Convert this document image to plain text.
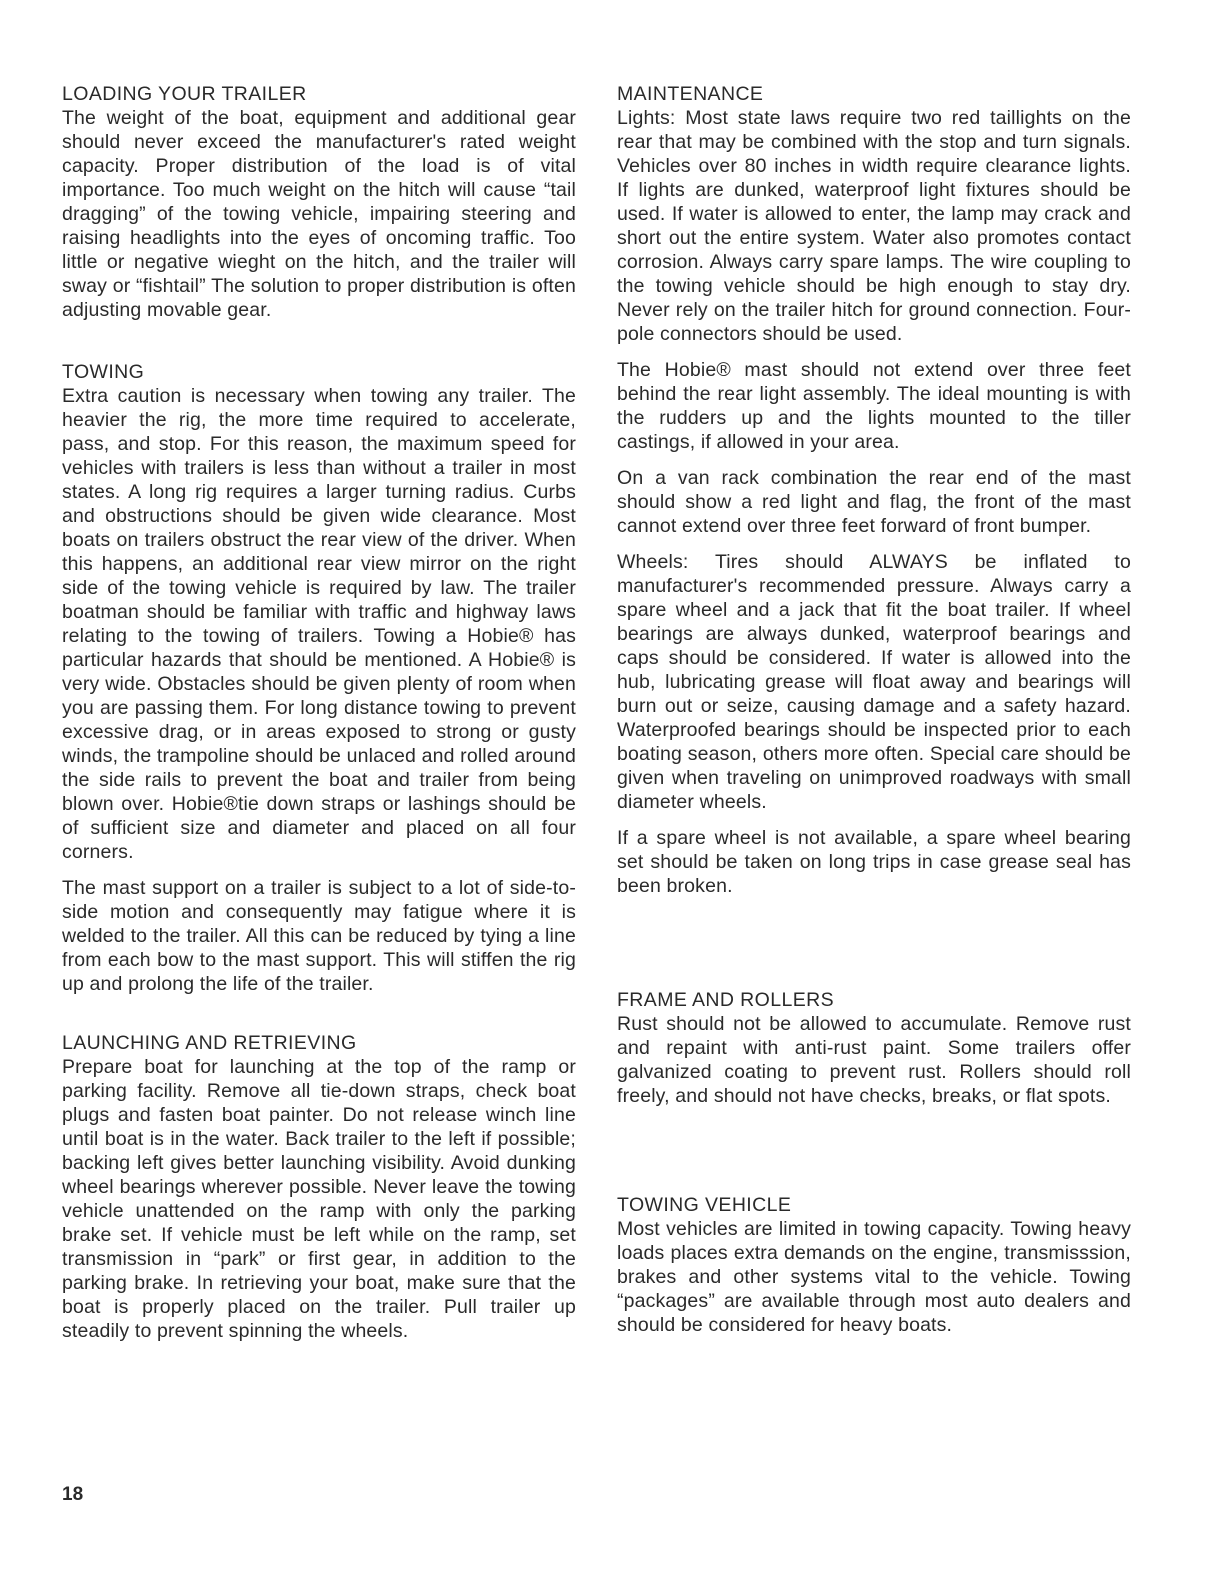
LOADING YOUR TRAILER

The weight of the boat, equipment and additional gear should never exceed the manufacturer's rated weight capacity. Proper distribution of the load is of vital importance. Too much weight on the hitch will cause “tail dragging” of the towing vehicle, impairing steering and raising headlights into the eyes of oncoming traffic. Too little or negative wieght on the hitch, and the trailer will sway or “fishtail” The solution to proper distribution is often adjusting movable gear.

TOWING

Extra caution is necessary when towing any trailer. The heavier the rig, the more time required to accelerate, pass, and stop. For this reason, the maximum speed for vehicles with trailers is less than without a trailer in most states. A long rig requires a larger turning radius. Curbs and obstructions should be given wide clearance. Most boats on trailers obstruct the rear view of the driver. When this happens, an additional rear view mirror on the right side of the towing vehicle is required by law. The trailer boatman should be familiar with traffic and highway laws relating to the towing of trailers. Towing a Hobie® has particular hazards that should be mentioned. A Hobie® is very wide. Obstacles should be given plenty of room when you are passing them. For long distance towing to prevent excessive drag, or in areas exposed to strong or gusty winds, the trampoline should be unlaced and rolled around the side rails to prevent the boat and trailer from being blown over. Hobie®tie down straps or lashings should be of sufficient size and diameter and placed on all four corners.

The mast support on a trailer is subject to a lot of side-to-side motion and consequently may fatigue where it is welded to the trailer. All this can be reduced by tying a line from each bow to the mast support. This will stiffen the rig up and prolong the life of the trailer.

LAUNCHING AND RETRIEVING

Prepare boat for launching at the top of the ramp or parking facility. Remove all tie-down straps, check boat plugs and fasten boat painter. Do not release winch line until boat is in the water. Back trailer to the left if possible; backing left gives better launching visibility. Avoid dunking wheel bearings wherever possible. Never leave the towing vehicle unattended on the ramp with only the parking brake set. If vehicle must be left while on the ramp, set transmission in “park” or first gear, in addition to the parking brake. In retrieving your boat, make sure that the boat is properly placed on the trailer. Pull trailer up steadily to prevent spinning the wheels.

MAINTENANCE

Lights: Most state laws require two red taillights on the rear that may be combined with the stop and turn signals. Vehicles over 80 inches in width require clearance lights. If lights are dunked, waterproof light fixtures should be used. If water is allowed to enter, the lamp may crack and short out the entire system. Water also promotes contact corrosion. Always carry spare lamps. The wire coupling to the towing vehicle should be high enough to stay dry. Never rely on the trailer hitch for ground connection. Four-pole connectors should be used.

The Hobie® mast should not extend over three feet behind the rear light assembly. The ideal mounting is with the rudders up and the lights mounted to the tiller castings, if allowed in your area.

On a van rack combination the rear end of the mast should show a red light and flag, the front of the mast cannot extend over three feet forward of front bumper.

Wheels: Tires should ALWAYS be inflated to manufacturer's recommended pressure. Always carry a spare wheel and a jack that fit the boat trailer. If wheel bearings are always dunked, waterproof bearings and caps should be considered. If water is allowed into the hub, lubricating grease will float away and bearings will burn out or seize, causing damage and a safety hazard. Waterproofed bearings should be inspected prior to each boating season, others more often. Special care should be given when traveling on unimproved roadways with small diameter wheels.

If a spare wheel is not available, a spare wheel bearing set should be taken on long trips in case grease seal has been broken.

FRAME AND ROLLERS

Rust should not be allowed to accumulate. Remove rust and repaint with anti-rust paint. Some trailers offer galvanized coating to prevent rust. Rollers should roll freely, and should not have checks, breaks, or flat spots.

TOWING VEHICLE

Most vehicles are limited in towing capacity. Towing heavy loads places extra demands on the engine, transmisssion, brakes and other systems vital to the vehicle. Towing “packages” are available through most auto dealers and should be considered for heavy boats.

18
